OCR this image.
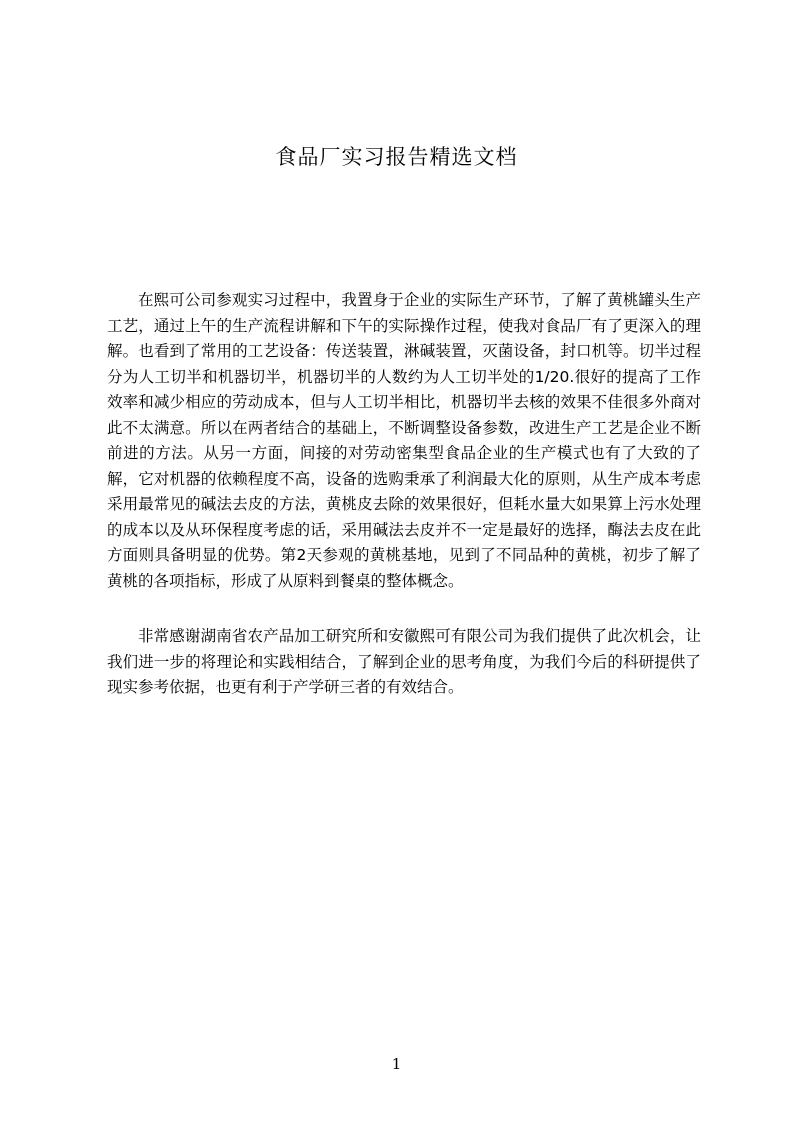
食品厂实习报告精选文档

在熙可公司参观实习过程中，我置身于企业的实际生产环节，了解了黄桃罐头生产工艺，通过上午的生产流程讲解和下午的实际操作过程，使我对食品厂有了更深入的理解。也看到了常用的工艺设备：传送装置，淋碱装置，灭菌设备，封口机等。切半过程分为人工切半和机器切半，机器切半的人数约为人工切半处的1/20.很好的提高了工作效率和减少相应的劳动成本，但与人工切半相比，机器切半去核的效果不佳很多外商对此不太满意。所以在两者结合的基础上，不断调整设备参数，改进生产工艺是企业不断前进的方法。从另一方面，间接的对劳动密集型食品企业的生产模式也有了大致的了解，它对机器的依赖程度不高，设备的选购秉承了利润最大化的原则，从生产成本考虑采用最常见的碱法去皮的方法，黄桃皮去除的效果很好，但耗水量大如果算上污水处理的成本以及从环保程度考虑的话，采用碱法去皮并不一定是最好的选择，酶法去皮在此方面则具备明显的优势。第2天参观的黄桃基地，见到了不同品种的黄桃，初步了解了黄桃的各项指标，形成了从原料到餐桌的整体概念。

非常感谢湖南省农产品加工研究所和安徽熙可有限公司为我们提供了此次机会，让我们进一步的将理论和实践相结合，了解到企业的思考角度，为我们今后的科研提供了现实参考依据，也更有利于产学研三者的有效结合。

1
